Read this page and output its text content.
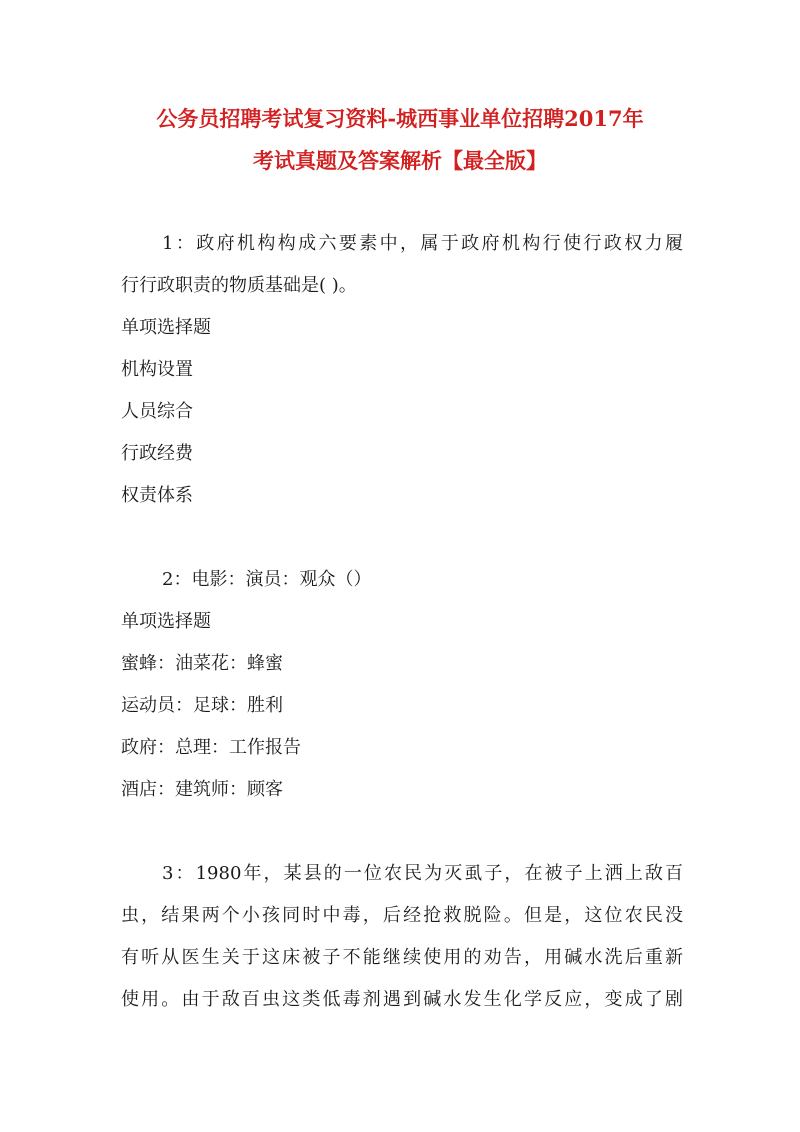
公务员招聘考试复习资料-城西事业单位招聘2017年
考试真题及答案解析【最全版】
1：政府机构构成六要素中，属于政府机构行使行政权力履
行行政职责的物质基础是( )。
单项选择题
机构设置
人员综合
行政经费
权责体系
2：电影：演员：观众（）
单项选择题
蜜蜂：油菜花：蜂蜜
运动员：足球：胜利
政府：总理：工作报告
酒店：建筑师：顾客
3：1980年，某县的一位农民为灭虱子，在被子上洒上敌百
虫，结果两个小孩同时中毒，后经抢救脱险。但是，这位农民没
有听从医生关于这床被子不能继续使用的劝告，用碱水洗后重新
使用。由于敌百虫这类低毒剂遇到碱水发生化学反应，变成了剧
